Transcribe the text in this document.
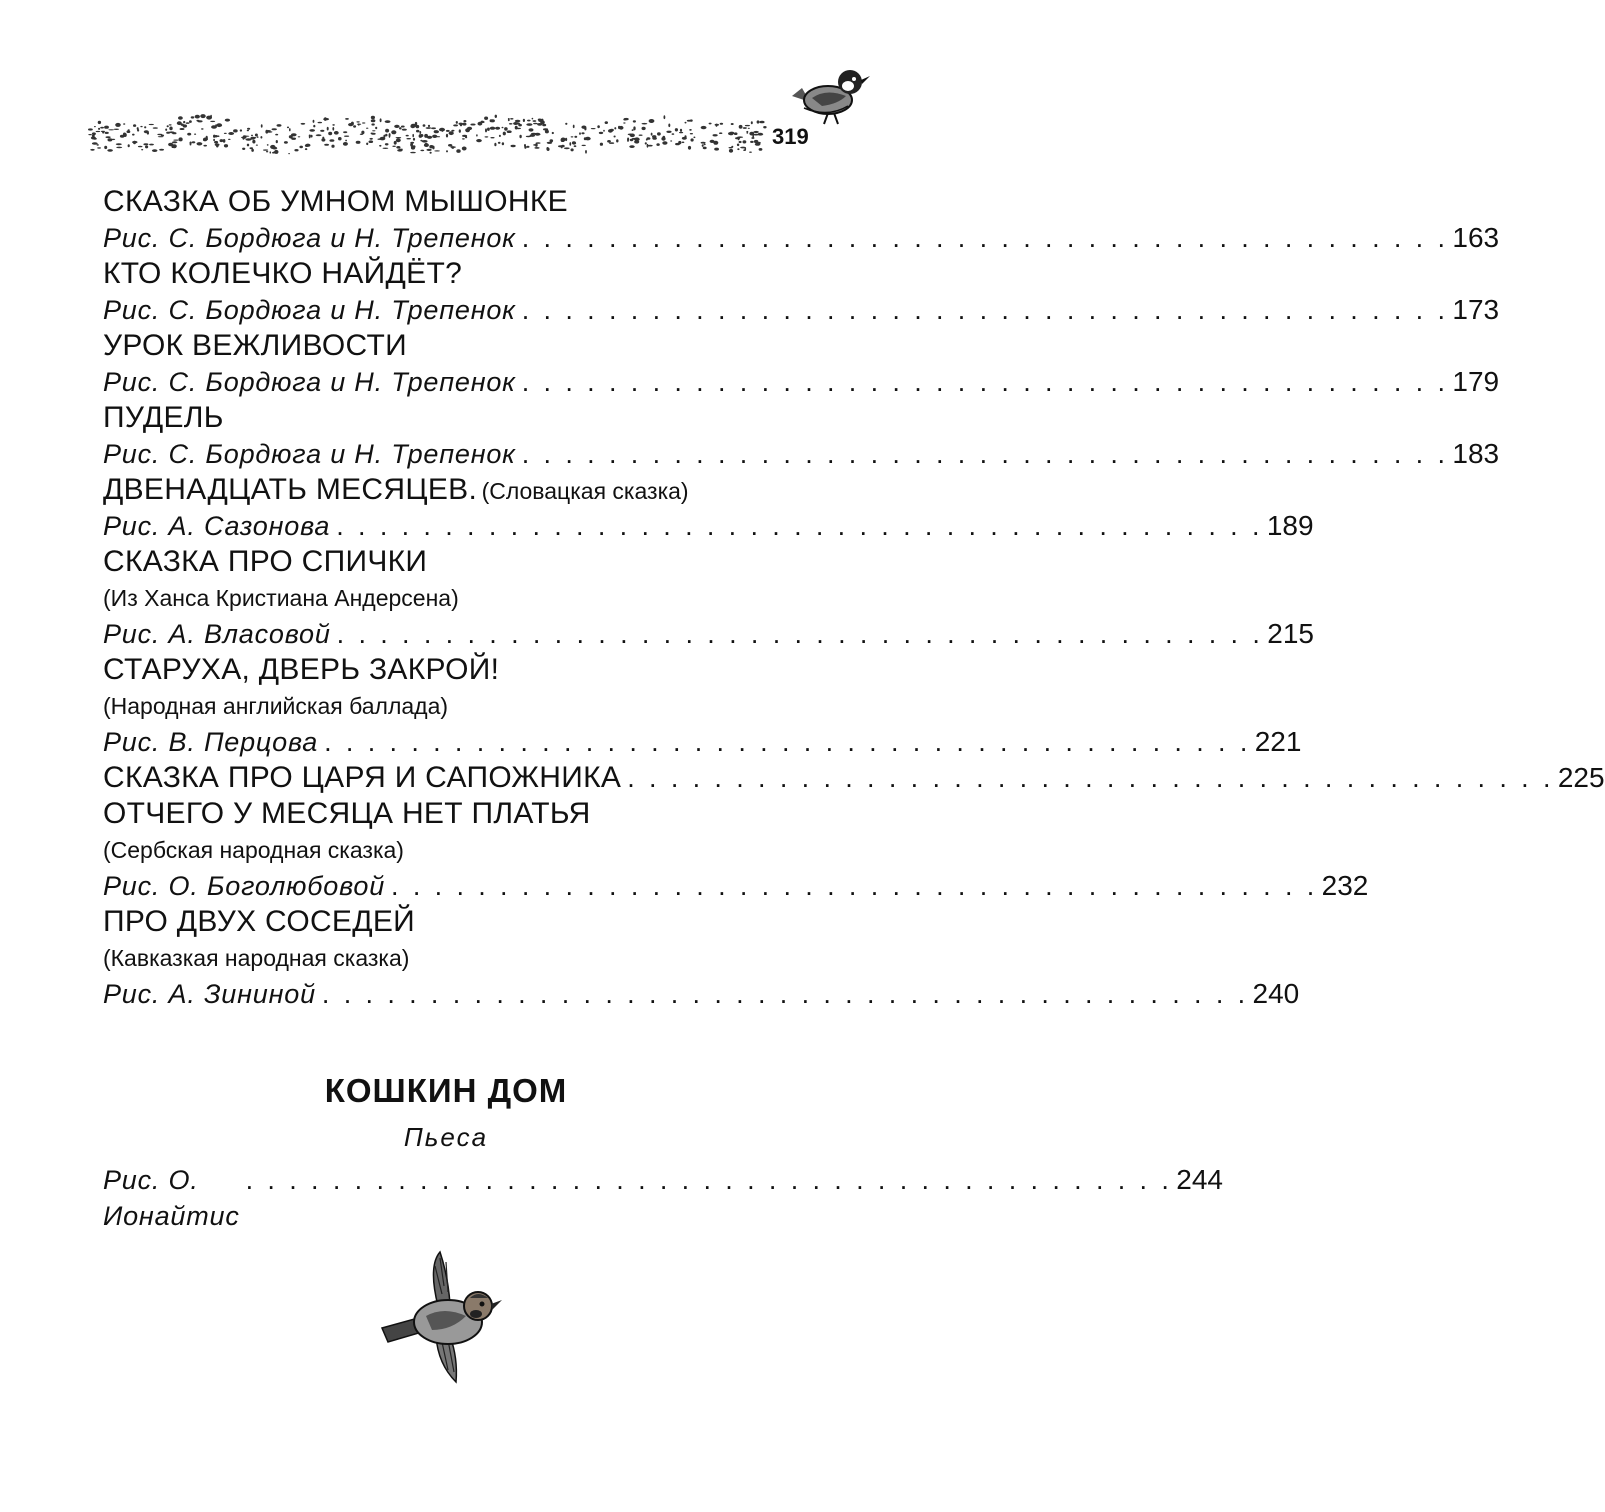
319
СКАЗКА ОБ УМНОМ МЫШОНКЕ
Рис. С. Бордюга и Н. Трепенок . . . . . . . . . . . . . . . . . . . . . . . . . . . . . . . . . . . . . . . . . . . 163
КТО КОЛЕЧКО НАЙДЁТ?
Рис. С. Бордюга и Н. Трепенок . . . . . . . . . . . . . . . . . . . . . . . . . . . . . . . . . . . . . . . . . . . 173
УРОК ВЕЖЛИВОСТИ
Рис. С. Бордюга и Н. Трепенок . . . . . . . . . . . . . . . . . . . . . . . . . . . . . . . . . . . . . . . . . . . 179
ПУДЕЛЬ
Рис. С. Бордюга и Н. Трепенок . . . . . . . . . . . . . . . . . . . . . . . . . . . . . . . . . . . . . . . . . . . 183
ДВЕНАДЦАТЬ МЕСЯЦЕВ. (Словацкая сказка)
Рис. А. Сазонова . . . . . . . . . . . . . . . . . . . . . . . . . . . . . . . . . . . . . . . . . . . 189
СКАЗКА ПРО СПИЧКИ
(Из Ханса Кристиана Андерсена)
Рис. А. Власовой . . . . . . . . . . . . . . . . . . . . . . . . . . . . . . . . . . . . . . . . . . . 215
СТАРУХА, ДВЕРЬ ЗАКРОЙ!
(Народная английская баллада)
Рис. В. Перцова . . . . . . . . . . . . . . . . . . . . . . . . . . . . . . . . . . . . . . . . . . . 221
СКАЗКА ПРО ЦАРЯ И САПОЖНИКА . . . . . . . . . . . . . . . . . . . . . . . . . . . . . . . . . . . . . . . . . . . 225
ОТЧЕГО У МЕСЯЦА НЕТ ПЛАТЬЯ
(Сербская народная сказка)
Рис. О. Боголюбовой . . . . . . . . . . . . . . . . . . . . . . . . . . . . . . . . . . . . . . . . . . . 232
ПРО ДВУХ СОСЕДЕЙ
(Кавказкая народная сказка)
Рис. А. Зининой . . . . . . . . . . . . . . . . . . . . . . . . . . . . . . . . . . . . . . . . . . . 240
КОШКИН ДОМ
Пьеса
Рис. О. Ионайтис
. . . . . . . . . . . . . . . . . . . . . . . . . . . . . . . . . . . . . . . . . . . 244
